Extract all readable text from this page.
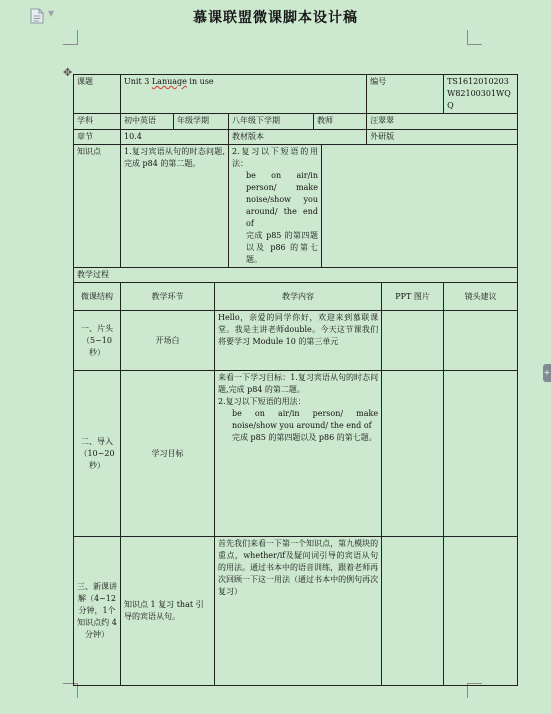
▼
✥
+
慕课联盟微课脚本设计稿
课题	Unit 3 Lanuage in use						编号		TS1612010203W82100301WQQ
学科	初中英语	年级学期		八年级下学期	教师		汪翠翠		
章节	10.4			教材版本			外研版		
知识点	1.复习宾语从句的时态问题,完成 p84 的第二题。			2.复习以下短语的用法：
be on air/in person/ make noise/show you around/ the end of
完成 p85 的第四题以及 p86 的第七题。					

教学过程									
微课结构	教学环节		教学内容					PPT 图片	镜头建议
一、片头（5~10秒）	开场白		Hello，亲爱的同学你好，欢迎来到慕联课堂。我是主讲老师double。今天这节课我们将要学习 Module 10 的第三单元						
二、导入（10~20秒）	学习目标		来看一下学习目标：1.复习宾语从句的时态问题,完成 p84 的第二题。
2.复习以下短语的用法：
be on air/in person/ make noise/show you around/ the end of
完成 p85 的第四题以及 p86 的第七题。						

三、新课讲解（4~12分钟，1个知识点约 4 分钟）	知识点 1 复习 that 引导的宾语从句。		首先我们来看一下第一个知识点，第九模块的重点，whether/if及疑问词引导的宾语从句的用法。通过书本中的语音训练，跟着老师再次回顾一下这一用法（通过书本中的例句再次复习）						
